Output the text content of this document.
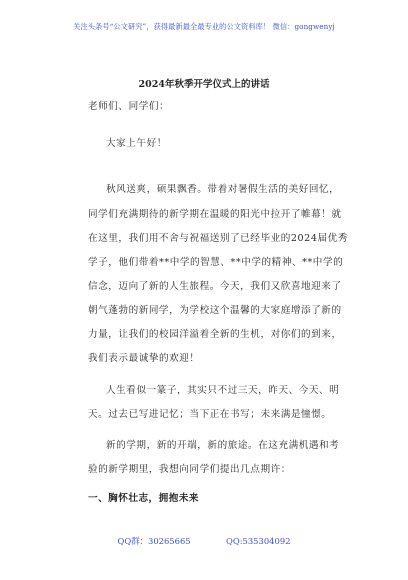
关注头条号“公文研究”，获得最新最全最专业的公文资料库！ 微信：gongwenyj
2024年秋季开学仪式上的讲话
老师们、同学们：
大家上午好！
秋风送爽，硕果飘香。带着对暑假生活的美好回忆，
同学们充满期待的新学期在温暖的阳光中拉开了帷幕！就
在这里，我们用不舍与祝福送别了已经毕业的2024届优秀
学子，他们带着**中学的智慧、**中学的精神、**中学的
信念，迈向了新的人生旅程。今天，我们又欣喜地迎来了
朝气蓬勃的新同学，为学校这个温馨的大家庭增添了新的
力量，让我们的校园洋溢着全新的生机，对你们的到来，
我们表示最诚挚的欢迎！
人生看似一篆子，其实只不过三天，昨天、今天、明
天。过去已写进记忆；当下正在书写；未来满是憧憬。
新的学期，新的开端，新的旅途。在这充满机遇和考
验的新学期里，我想向同学们提出几点期许：
一、胸怀壮志，拥抱未来
QQ群：30265665	QQ:535304092
